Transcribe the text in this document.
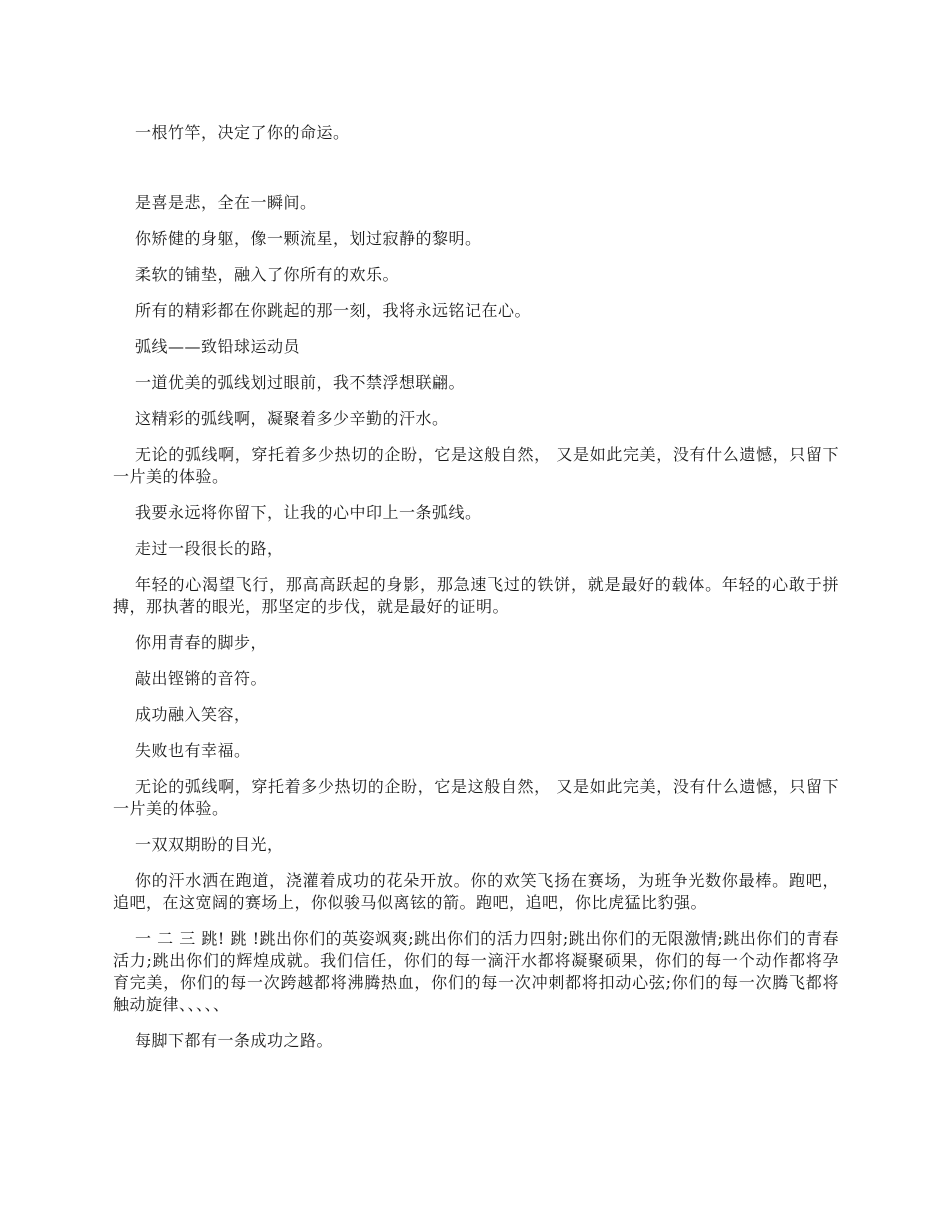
一根竹竿，决定了你的命运。

是喜是悲，全在一瞬间。

你矫健的身躯，像一颗流星，划过寂静的黎明。

柔软的铺垫，融入了你所有的欢乐。

所有的精彩都在你跳起的那一刻，我将永远铭记在心。

弧线——致铅球运动员

一道优美的弧线划过眼前，我不禁浮想联翩。

这精彩的弧线啊，凝聚着多少辛勤的汗水。

无论的弧线啊，穿托着多少热切的企盼，它是这般自然， 又是如此完美，没有什么遗憾，只留下一片美的体验。

我要永远将你留下，让我的心中印上一条弧线。

走过一段很长的路，

年轻的心渴望飞行，那高高跃起的身影，那急速飞过的铁饼，就是最好的载体。年轻的心敢于拼搏，那执著的眼光，那坚定的步伐，就是最好的证明。

你用青春的脚步，

敲出铿锵的音符。

成功融入笑容，

失败也有幸福。

无论的弧线啊，穿托着多少热切的企盼，它是这般自然， 又是如此完美，没有什么遗憾，只留下一片美的体验。

一双双期盼的目光，

你的汗水洒在跑道，浇灌着成功的花朵开放。你的欢笑飞扬在赛场，为班争光数你最棒。跑吧，追吧，在这宽阔的赛场上，你似骏马似离铉的箭。跑吧，追吧，你比虎猛比豹强。

一 二 三 跳! 跳 !跳出你们的英姿飒爽;跳出你们的活力四射;跳出你们的无限激情;跳出你们的青春活力;跳出你们的辉煌成就。我们信任，你们的每一滴汗水都将凝聚硕果，你们的每一个动作都将孕育完美，你们的每一次跨越都将沸腾热血，你们的每一次冲刺都将扣动心弦;你们的每一次腾飞都将触动旋律、、、、、

每脚下都有一条成功之路。
